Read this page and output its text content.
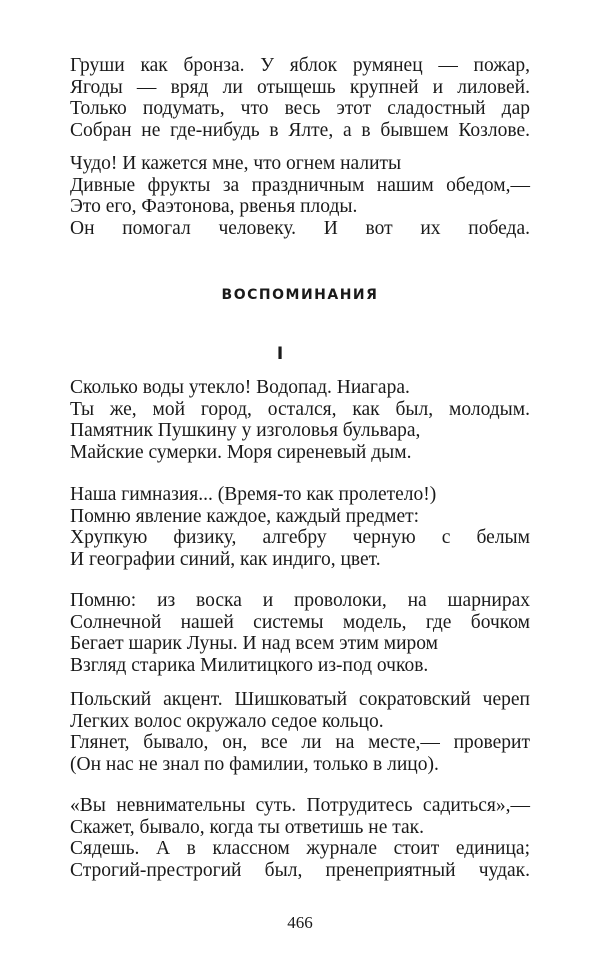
Груши как бронза. У яблок румянец — пожар,
Ягоды — вряд ли отыщешь крупней и лиловей.
Только подумать, что весь этот сладостный дар
Собран не где-нибудь в Ялте, а в бывшем Козлове.
Чудо! И кажется мне, что огнем налиты
Дивные фрукты за праздничным нашим обедом,—
Это его, Фаэтонова, рвенья плоды.
Он помогал человеку. И вот их победа.
ВОСПОМИНАНИЯ
I
Сколько воды утекло! Водопад. Ниагара.
Ты же, мой город, остался, как был, молодым.
Памятник Пушкину у изголовья бульвара,
Майские сумерки. Моря сиреневый дым.
Наша гимназия... (Время-то как пролетело!)
Помню явление каждое, каждый предмет:
Хрупкую физику, алгебру черную с белым
И географии синий, как индиго, цвет.
Помню: из воска и проволоки, на шарнирах
Солнечной нашей системы модель, где бочком
Бегает шарик Луны. И над всем этим миром
Взгляд старика Милитицкого из-под очков.
Польский акцент. Шишковатый сократовский череп
Легких волос окружало седое кольцо.
Глянет, бывало, он, все ли на месте,— проверит
(Он нас не знал по фамилии, только в лицо).
«Вы невнимательны суть. Потрудитесь садиться»,—
Скажет, бывало, когда ты ответишь не так.
Сядешь. А в классном журнале стоит единица;
Строгий-престрогий был, пренеприятный чудак.
466
